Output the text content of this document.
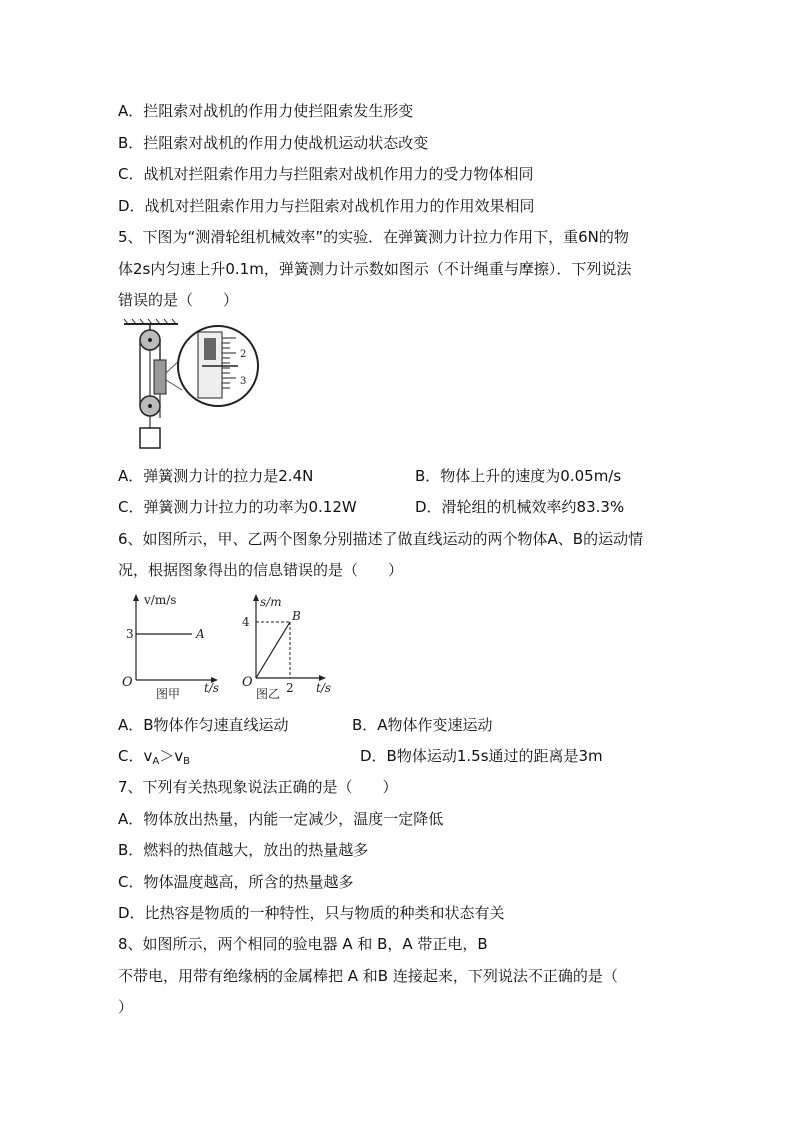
A．拦阻索对战机的作用力使拦阻索发生形变
B．拦阻索对战机的作用力使战机运动状态改变
C．战机对拦阻索作用力与拦阻索对战机作用力的受力物体相同
D．战机对拦阻索作用力与拦阻索对战机作用力的作用效果相同
5、下图为“测滑轮组机械效率”的实验．在弹簧测力计拉力作用下，重6N的物
体2s内匀速上升0.1m，弹簧测力计示数如图示（不计绳重与摩擦）．下列说法
错误的是（　　）
2
3
A．弹簧测力计的拉力是2.4N	B．物体上升的速度为0.05m/s
C．弹簧测力计拉力的功率为0.12W	D．滑轮组的机械效率约83.3%
6、如图所示，甲、乙两个图象分别描述了做直线运动的两个物体A、B的运动情
况，根据图象得出的信息错误的是（　　）
v/m/s
3	A
O	t/s
图甲
s/m
4	B
O	2 t/s
图乙
A．B物体作匀速直线运动	B．A物体作变速运动
C．$v_A>v_B$	D．B物体运动1.5s通过的距离是3m
7、下列有关热现象说法正确的是（　　）
A．物体放出热量，内能一定减少，温度一定降低
B．燃料的热值越大，放出的热量越多
C．物体温度越高，所含的热量越多
D．比热容是物质的一种特性，只与物质的种类和状态有关
8、如图所示，两个相同的验电器 A 和 B，A 带正电，B
不带电，用带有绝缘柄的金属棒把 A 和B 连接起来，下列说法不正确的是（
）
